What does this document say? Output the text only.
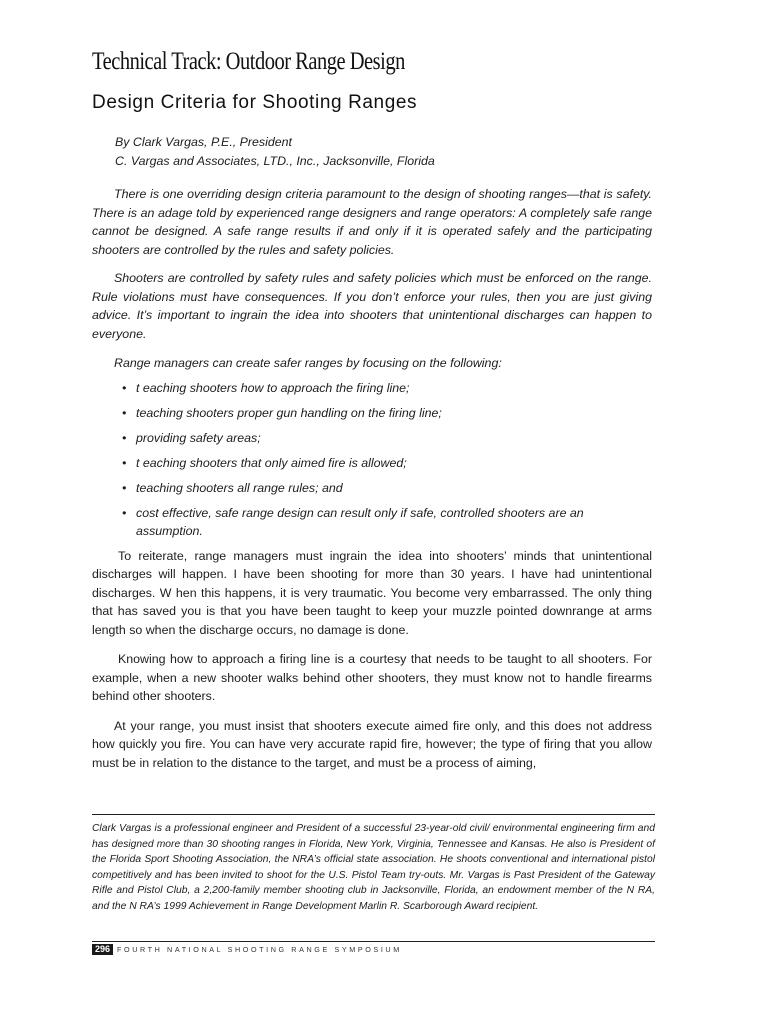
Technical Track: Outdoor Range Design
Design Criteria for Shooting Ranges
By Clark Vargas, P.E., President
C. Vargas and Associates, LTD., Inc., Jacksonville, Florida

There is one overriding design criteria paramount to the design of shooting ranges—that is safety. There is an adage told by experienced range designers and range operators: A completely safe range cannot be designed. A safe range results if and only if it is operated safely and the participating shooters are controlled by the rules and safety policies.

Shooters are controlled by safety rules and safety policies which must be enforced on the range. Rule violations must have consequences. If you don’t enforce your rules, then you are just giving advice. It’s important to ingrain the idea into shooters that unintentional discharges can happen to everyone.

Range managers can create safer ranges by focusing on the following:

• t eaching shooters how to approach the firing line;
• teaching shooters proper gun handling on the firing line;
• providing safety areas;
• t eaching shooters that only aimed fire is allowed;
• teaching shooters all range rules; and
• cost effective, safe range design can result only if safe, controlled shooters are an assumption.

To reiterate, range managers must ingrain the idea into shooters’ minds that unintentional discharges will happen. I have been shooting for more than 30 years. I have had unintentional discharges. W hen this happens, it is very traumatic. You become very embarrassed. The only thing that has saved you is that you have been taught to keep your muzzle pointed downrange at arms length so when the discharge occurs, no damage is done.

Knowing how to approach a firing line is a courtesy that needs to be taught to all shooters. For example, when a new shooter walks behind other shooters, they must know not to handle firearms behind other shooters.

At your range, you must insist that shooters execute aimed fire only, and this does not address how quickly you fire. You can have very accurate rapid fire, however; the type of firing that you allow must be in relation to the distance to the target, and must be a process of aiming,

Clark Vargas is a professional engineer and President of a successful 23-year-old civil/ environmental engineering firm and has designed more than 30 shooting ranges in Florida, New York, Virginia, Tennessee and Kansas. He also is President of the Florida Sport Shooting Association, the NRA’s official state association. He shoots conventional and international pistol competitively and has been invited to shoot for the U.S. Pistol Team try-outs. Mr. Vargas is Past President of the Gateway Rifle and Pistol Club, a 2,200-family member shooting club in Jacksonville, Florida, an endowment member of the N RA, and the N RA’s 1999 Achievement in Range Development Marlin R. Scarborough Award recipient.
296 FOURTH NATIONAL SHOOTING RANGE SYMPOSIUM
